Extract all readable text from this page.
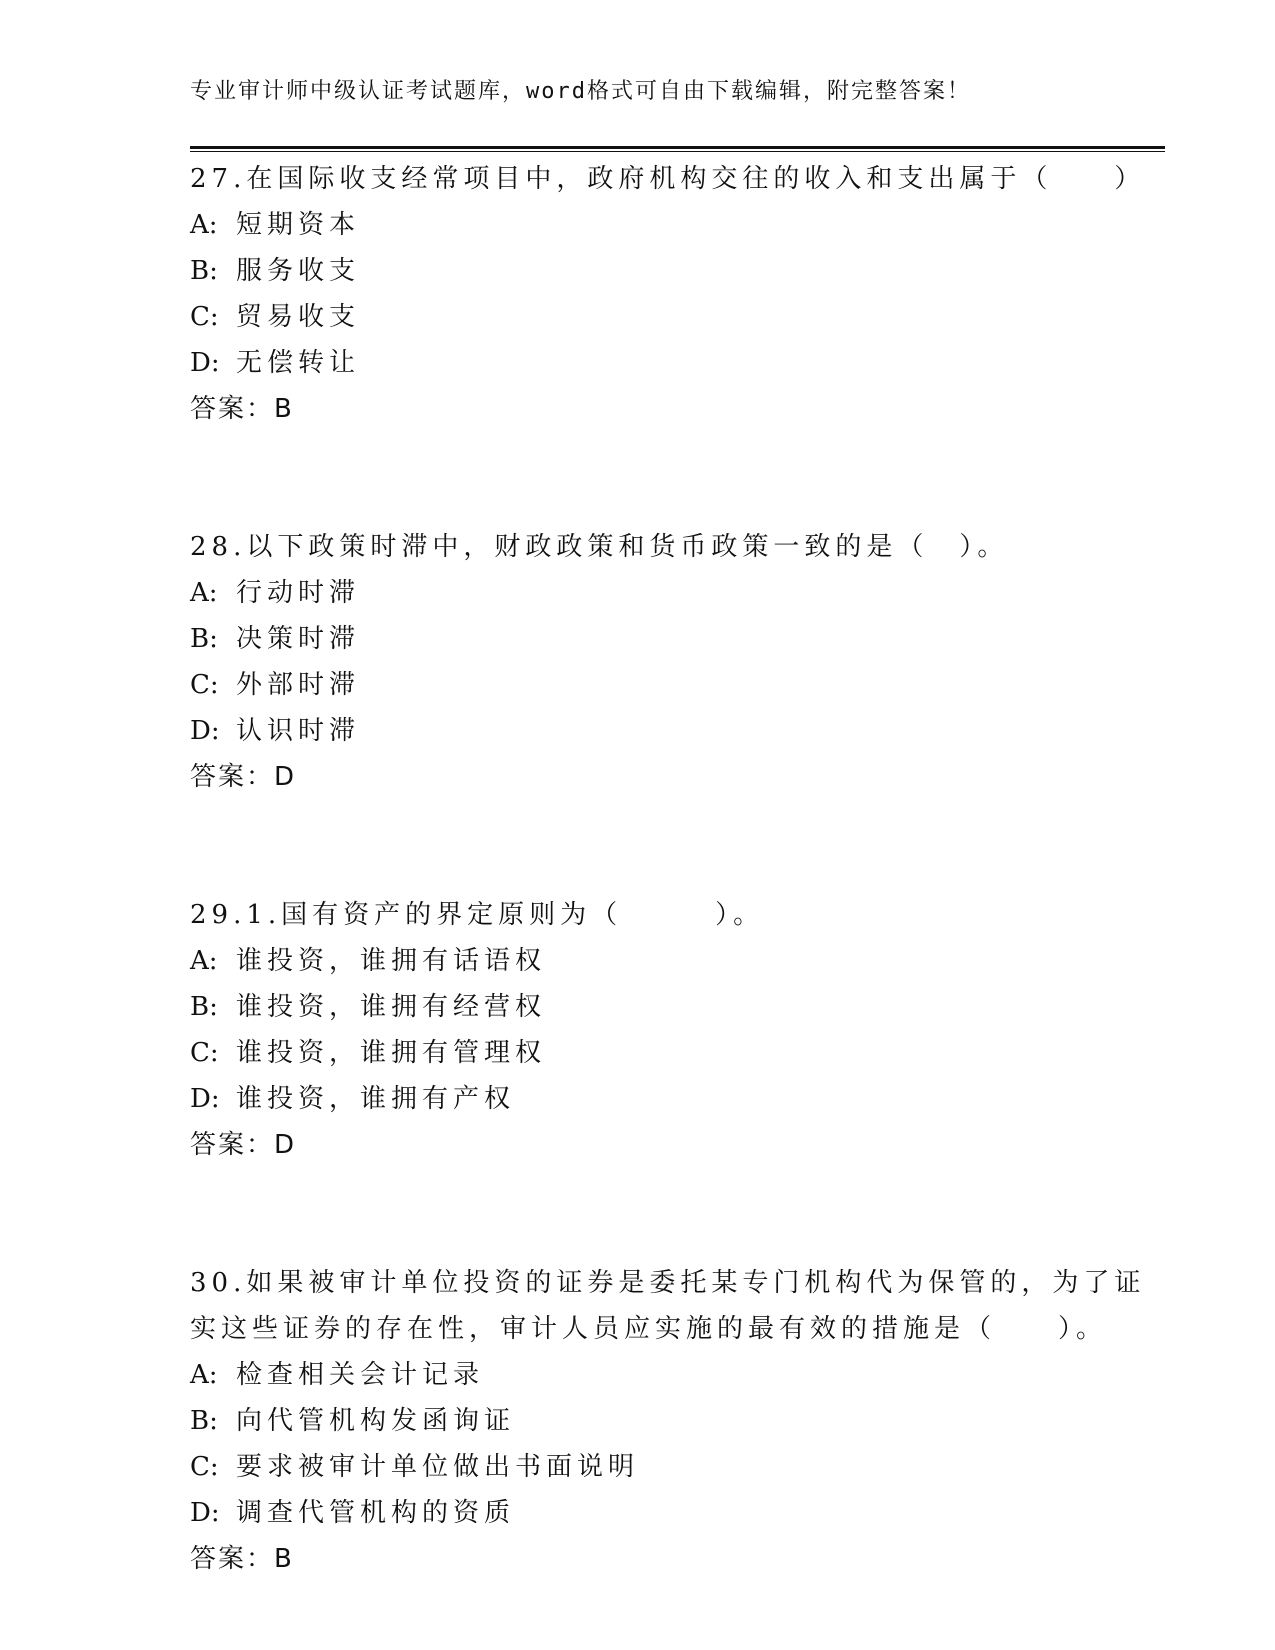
专业审计师中级认证考试题库，word格式可自由下载编辑，附完整答案！
27.在国际收支经常项目中，政府机构交往的收入和支出属于（　　）
A: 短期资本
B: 服务收支
C: 贸易收支
D: 无偿转让
答案：B
28.以下政策时滞中，财政政策和货币政策一致的是（　）。
A: 行动时滞
B: 决策时滞
C: 外部时滞
D: 认识时滞
答案：D
29.1.国有资产的界定原则为（　　　）。
A: 谁投资，谁拥有话语权
B: 谁投资，谁拥有经营权
C: 谁投资，谁拥有管理权
D: 谁投资，谁拥有产权
答案：D
30.如果被审计单位投资的证券是委托某专门机构代为保管的，为了证
实这些证券的存在性，审计人员应实施的最有效的措施是（　　）。
A: 检查相关会计记录
B: 向代管机构发函询证
C: 要求被审计单位做出书面说明
D: 调查代管机构的资质
答案：B
